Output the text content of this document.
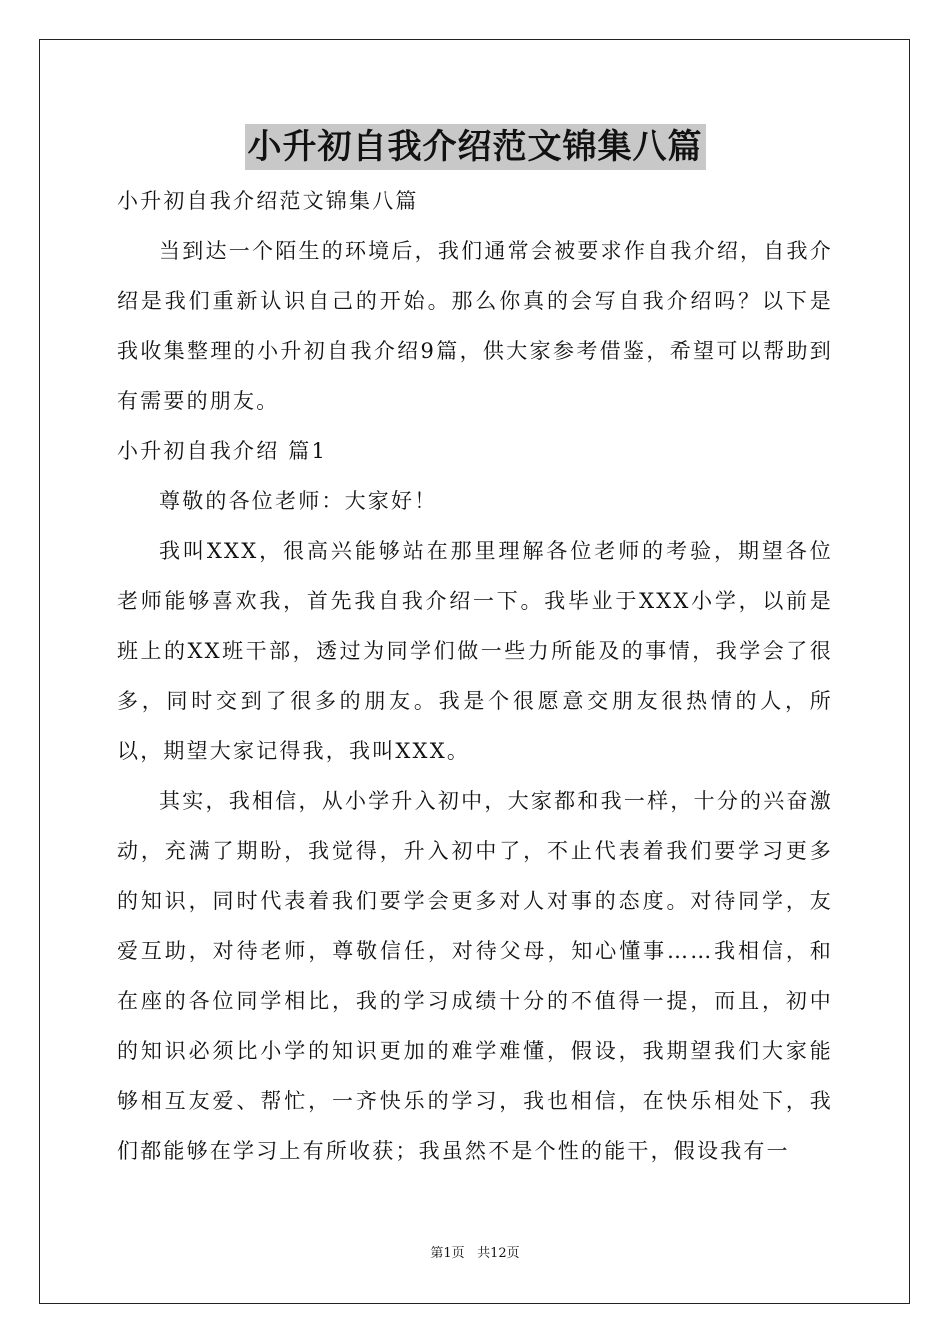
小升初自我介绍范文锦集八篇

小升初自我介绍范文锦集八篇

当到达一个陌生的环境后，我们通常会被要求作自我介绍，自我介绍是我们重新认识自己的开始。那么你真的会写自我介绍吗？以下是我收集整理的小升初自我介绍9篇，供大家参考借鉴，希望可以帮助到有需要的朋友。

小升初自我介绍 篇1

尊敬的各位老师：大家好！

我叫XXX，很高兴能够站在那里理解各位老师的考验，期望各位老师能够喜欢我，首先我自我介绍一下。我毕业于XXX小学，以前是班上的XX班干部，透过为同学们做一些力所能及的事情，我学会了很多，同时交到了很多的朋友。我是个很愿意交朋友很热情的人，所以，期望大家记得我，我叫XXX。

其实，我相信，从小学升入初中，大家都和我一样，十分的兴奋激动，充满了期盼，我觉得，升入初中了，不止代表着我们要学习更多的知识，同时代表着我们要学会更多对人对事的态度。对待同学，友爱互助，对待老师，尊敬信任，对待父母，知心懂事……我相信，和在座的各位同学相比，我的学习成绩十分的不值得一提，而且，初中的知识必须比小学的知识更加的难学难懂，假设，我期望我们大家能够相互友爱、帮忙，一齐快乐的学习，我也相信，在快乐相处下，我们都能够在学习上有所收获；我虽然不是个性的能干，假设我有一

第1页 共12页
